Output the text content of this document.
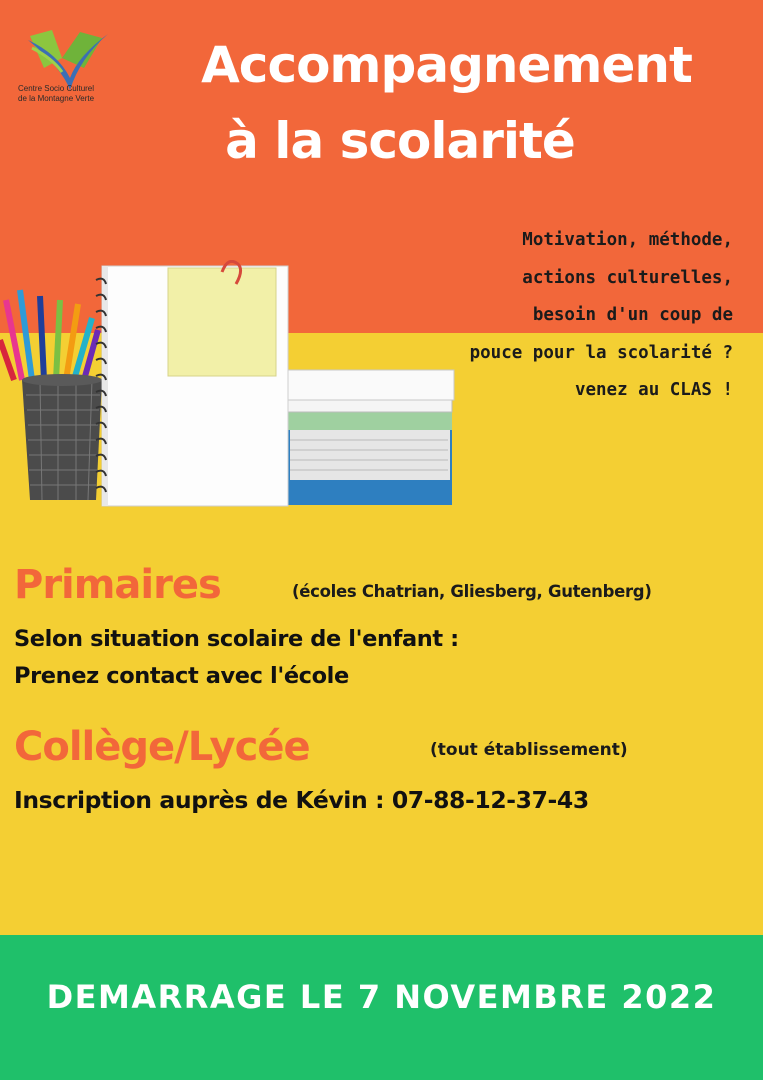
Centre Socio Culturel
de la Montagne Verte
Accompagnement
à la scolarité
Motivation, méthode,
actions culturelles,
besoin d'un coup de
pouce pour la scolarité ?
venez au CLAS !
Primaires	(écoles Chatrian, Gliesberg, Gutenberg)
Selon situation scolaire de l'enfant :
Prenez contact avec l'école
Collège/Lycée	(tout établissement)
Inscription auprès de Kévin : 07-88-12-37-43
DEMARRAGE LE 7 NOVEMBRE 2022
